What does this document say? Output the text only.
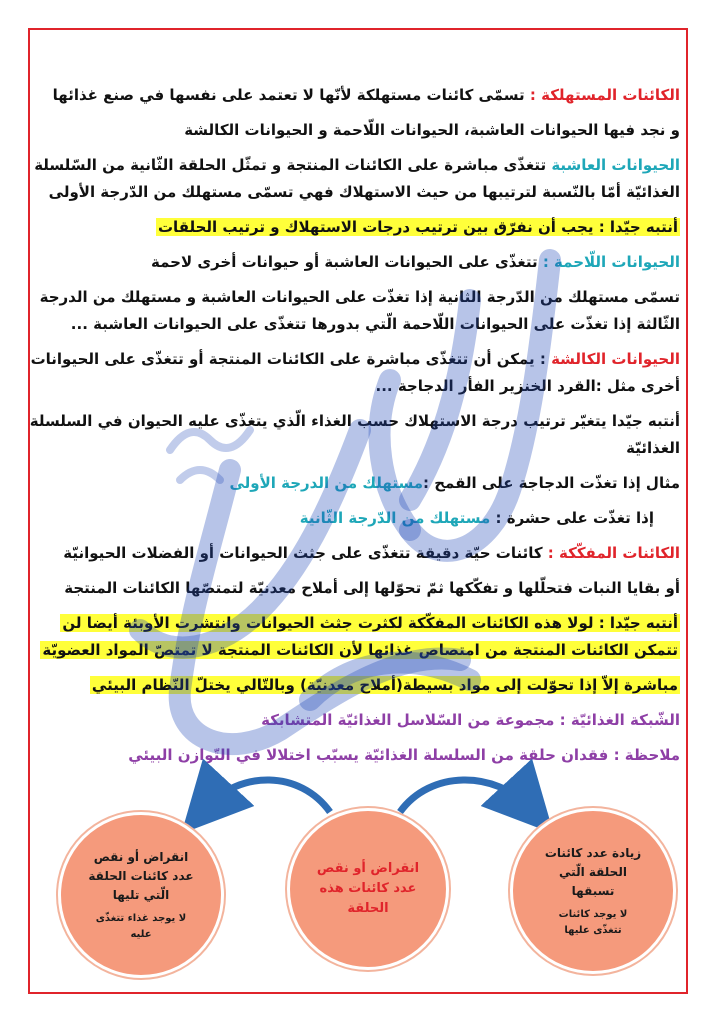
الكائنات المستهلكة : تسمّى كائنات مستهلكة لأنّها لا تعتمد على نفسها في صنع غذائها

و نجد فيها الحيوانات العاشبة، الحيوانات اللّاحمة و الحيوانات الكالشة

الحيوانات العاشبة تتغذّى مباشرة على الكائنات المنتجة و تمثّل الحلقة الثّانية من السّلسلة

الغذائيّة أمّا بالنّسبة لترتيبها من حيث الاستهلاك فهي تسمّى مستهلك من الدّرجة الأولى

أنتبه جيّدا : يجب أن نفرّق بين ترتيب درجات الاستهلاك و ترتيب الحلقات

الحيوانات اللّاحمة : تتغذّى على الحيوانات العاشبة أو حيوانات أخرى لاحمة

تسمّى مستهلك من الدّرجة الثانية إذا تغذّت على الحيوانات العاشبة و مستهلك من الدرجة

الثّالثة إذا تغذّت على الحيوانات اللّاحمة الّتي بدورها تتغذّى على الحيوانات العاشبة ...

الحيوانات الكالشة : يمكن أن تتغذّى مباشرة على الكائنات المنتجة أو تتغذّى على الحيوانات

أخرى مثل :القرد الخنزير الفأر الدجاجة ...

أنتبه جيّدا يتغيّر ترتيب درجة الاستهلاك حسب الغذاء الّذي يتغذّى عليه الحيوان في السلسلة

الغذائيّة

مثال إذا تغذّت الدجاجة على القمح :مستهلك من الدرجة الأولى

إذا تغذّت على حشرة : مستهلك من الدّرجة الثّانية

الكائنات المفكّكة : كائنات حيّة دقيقة تتغذّى على جثث الحيوانات أو الفضلات الحيوانيّة

أو بقايا النبات فتحلّلها و تفكّكها ثمّ تحوّلها إلى أملاح معدنيّة لتمتصّها الكائنات المنتجة

أنتبه جيّدا : لولا هذه الكائنات المفكّكة لكثرت جثث الحيوانات وانتشرت الأوبئة أيضا لن

تتمكن الكائنات المنتجة من امتصاص غذائها لأن الكائنات المنتجة لا تمتصّ المواد العضويّة

مباشرة إلاّ إذا تحوّلت إلى مواد بسيطة(أملاح معدنيّة) وبالتّالي يختلّ النّظام البيئي

الشّبكة الغذائيّة : مجموعة من السّلاسل الغذائيّة المتشابكة

ملاحظة : فقدان حلقة من السلسلة الغذائيّة يسبّب اختلالا في التّوازن البيئي

انقراض أو نقص عدد كائنات الحلقة الّتي تليها
لا يوجد غذاء تتغذّى عليه
انقراض أو نقص عدد كائنات هذه الحلقة
زيادة عدد كائنات الحلقة الّتي تسبقها
لا يوجد كائنات تتغذّى عليها
